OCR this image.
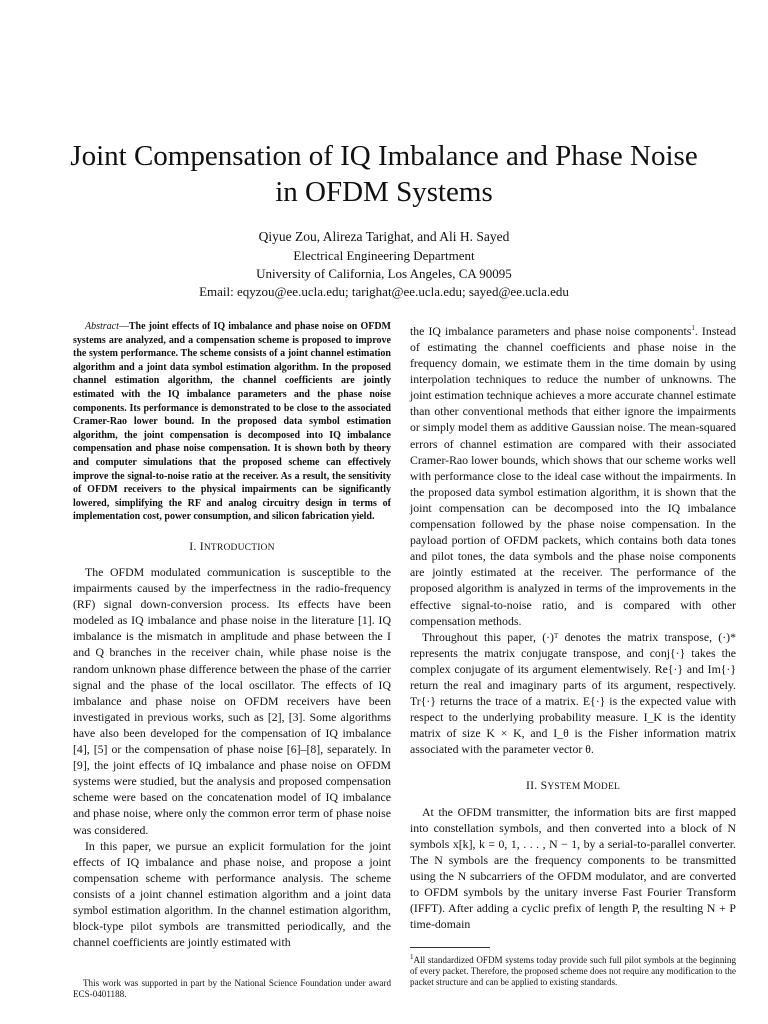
Joint Compensation of IQ Imbalance and Phase Noise in OFDM Systems
Qiyue Zou, Alireza Tarighat, and Ali H. Sayed
Electrical Engineering Department
University of California, Los Angeles, CA 90095
Email: eqyzou@ee.ucla.edu; tarighat@ee.ucla.edu; sayed@ee.ucla.edu

Abstract—The joint effects of IQ imbalance and phase noise on OFDM systems are analyzed, and a compensation scheme is proposed to improve the system performance. The scheme consists of a joint channel estimation algorithm and a joint data symbol estimation algorithm. In the proposed channel estimation algorithm, the channel coefficients are jointly estimated with the IQ imbalance parameters and the phase noise components. Its performance is demonstrated to be close to the associated Cramer-Rao lower bound. In the proposed data symbol estimation algorithm, the joint compensation is decomposed into IQ imbalance compensation and phase noise compensation. It is shown both by theory and computer simulations that the proposed scheme can effectively improve the signal-to-noise ratio at the receiver. As a result, the sensitivity of OFDM receivers to the physical impairments can be significantly lowered, simplifying the RF and analog circuitry design in terms of implementation cost, power consumption, and silicon fabrication yield.

I. INTRODUCTION

The OFDM modulated communication is susceptible to the impairments caused by the imperfectness in the radio-frequency (RF) signal down-conversion process. Its effects have been modeled as IQ imbalance and phase noise in the literature [1]. IQ imbalance is the mismatch in amplitude and phase between the I and Q branches in the receiver chain, while phase noise is the random unknown phase difference between the phase of the carrier signal and the phase of the local oscillator. The effects of IQ imbalance and phase noise on OFDM receivers have been investigated in previous works, such as [2], [3]. Some algorithms have also been developed for the compensation of IQ imbalance [4], [5] or the compensation of phase noise [6]–[8], separately. In [9], the joint effects of IQ imbalance and phase noise on OFDM systems were studied, but the analysis and proposed compensation scheme were based on the concatenation model of IQ imbalance and phase noise, where only the common error term of phase noise was considered.

In this paper, we pursue an explicit formulation for the joint effects of IQ imbalance and phase noise, and propose a joint compensation scheme with performance analysis. The scheme consists of a joint channel estimation algorithm and a joint data symbol estimation algorithm. In the channel estimation algorithm, block-type pilot symbols are transmitted periodically, and the channel coefficients are jointly estimated with

the IQ imbalance parameters and phase noise components$^1$. Instead of estimating the channel coefficients and phase noise in the frequency domain, we estimate them in the time domain by using interpolation techniques to reduce the number of unknowns. The joint estimation technique achieves a more accurate channel estimate than other conventional methods that either ignore the impairments or simply model them as additive Gaussian noise. The mean-squared errors of channel estimation are compared with their associated Cramer-Rao lower bounds, which shows that our scheme works well with performance close to the ideal case without the impairments. In the proposed data symbol estimation algorithm, it is shown that the joint compensation can be decomposed into the IQ imbalance compensation followed by the phase noise compensation. In the payload portion of OFDM packets, which contains both data tones and pilot tones, the data symbols and the phase noise components are jointly estimated at the receiver. The performance of the proposed algorithm is analyzed in terms of the improvements in the effective signal-to-noise ratio, and is compared with other compensation methods.

Throughout this paper, (·)ᵀ denotes the matrix transpose, (·)* represents the matrix conjugate transpose, and conj{·} takes the complex conjugate of its argument elementwisely. Re{·} and Im{·} return the real and imaginary parts of its argument, respectively. Tr{·} returns the trace of a matrix. E{·} is the expected value with respect to the underlying probability measure. I_K is the identity matrix of size K × K, and I_θ is the Fisher information matrix associated with the parameter vector θ.

II. SYSTEM MODEL

At the OFDM transmitter, the information bits are first mapped into constellation symbols, and then converted into a block of N symbols x[k], k = 0, 1, . . . , N − 1, by a serial-to-parallel converter. The N symbols are the frequency components to be transmitted using the N subcarriers of the OFDM modulator, and are converted to OFDM symbols by the unitary inverse Fast Fourier Transform (IFFT). After adding a cyclic prefix of length P, the resulting N + P time-domain

$^1$All standardized OFDM systems today provide such full pilot symbols at the beginning of every packet. Therefore, the proposed scheme does not require any modification to the packet structure and can be applied to existing standards.
This work was supported in part by the National Science Foundation under award ECS-0401188.
